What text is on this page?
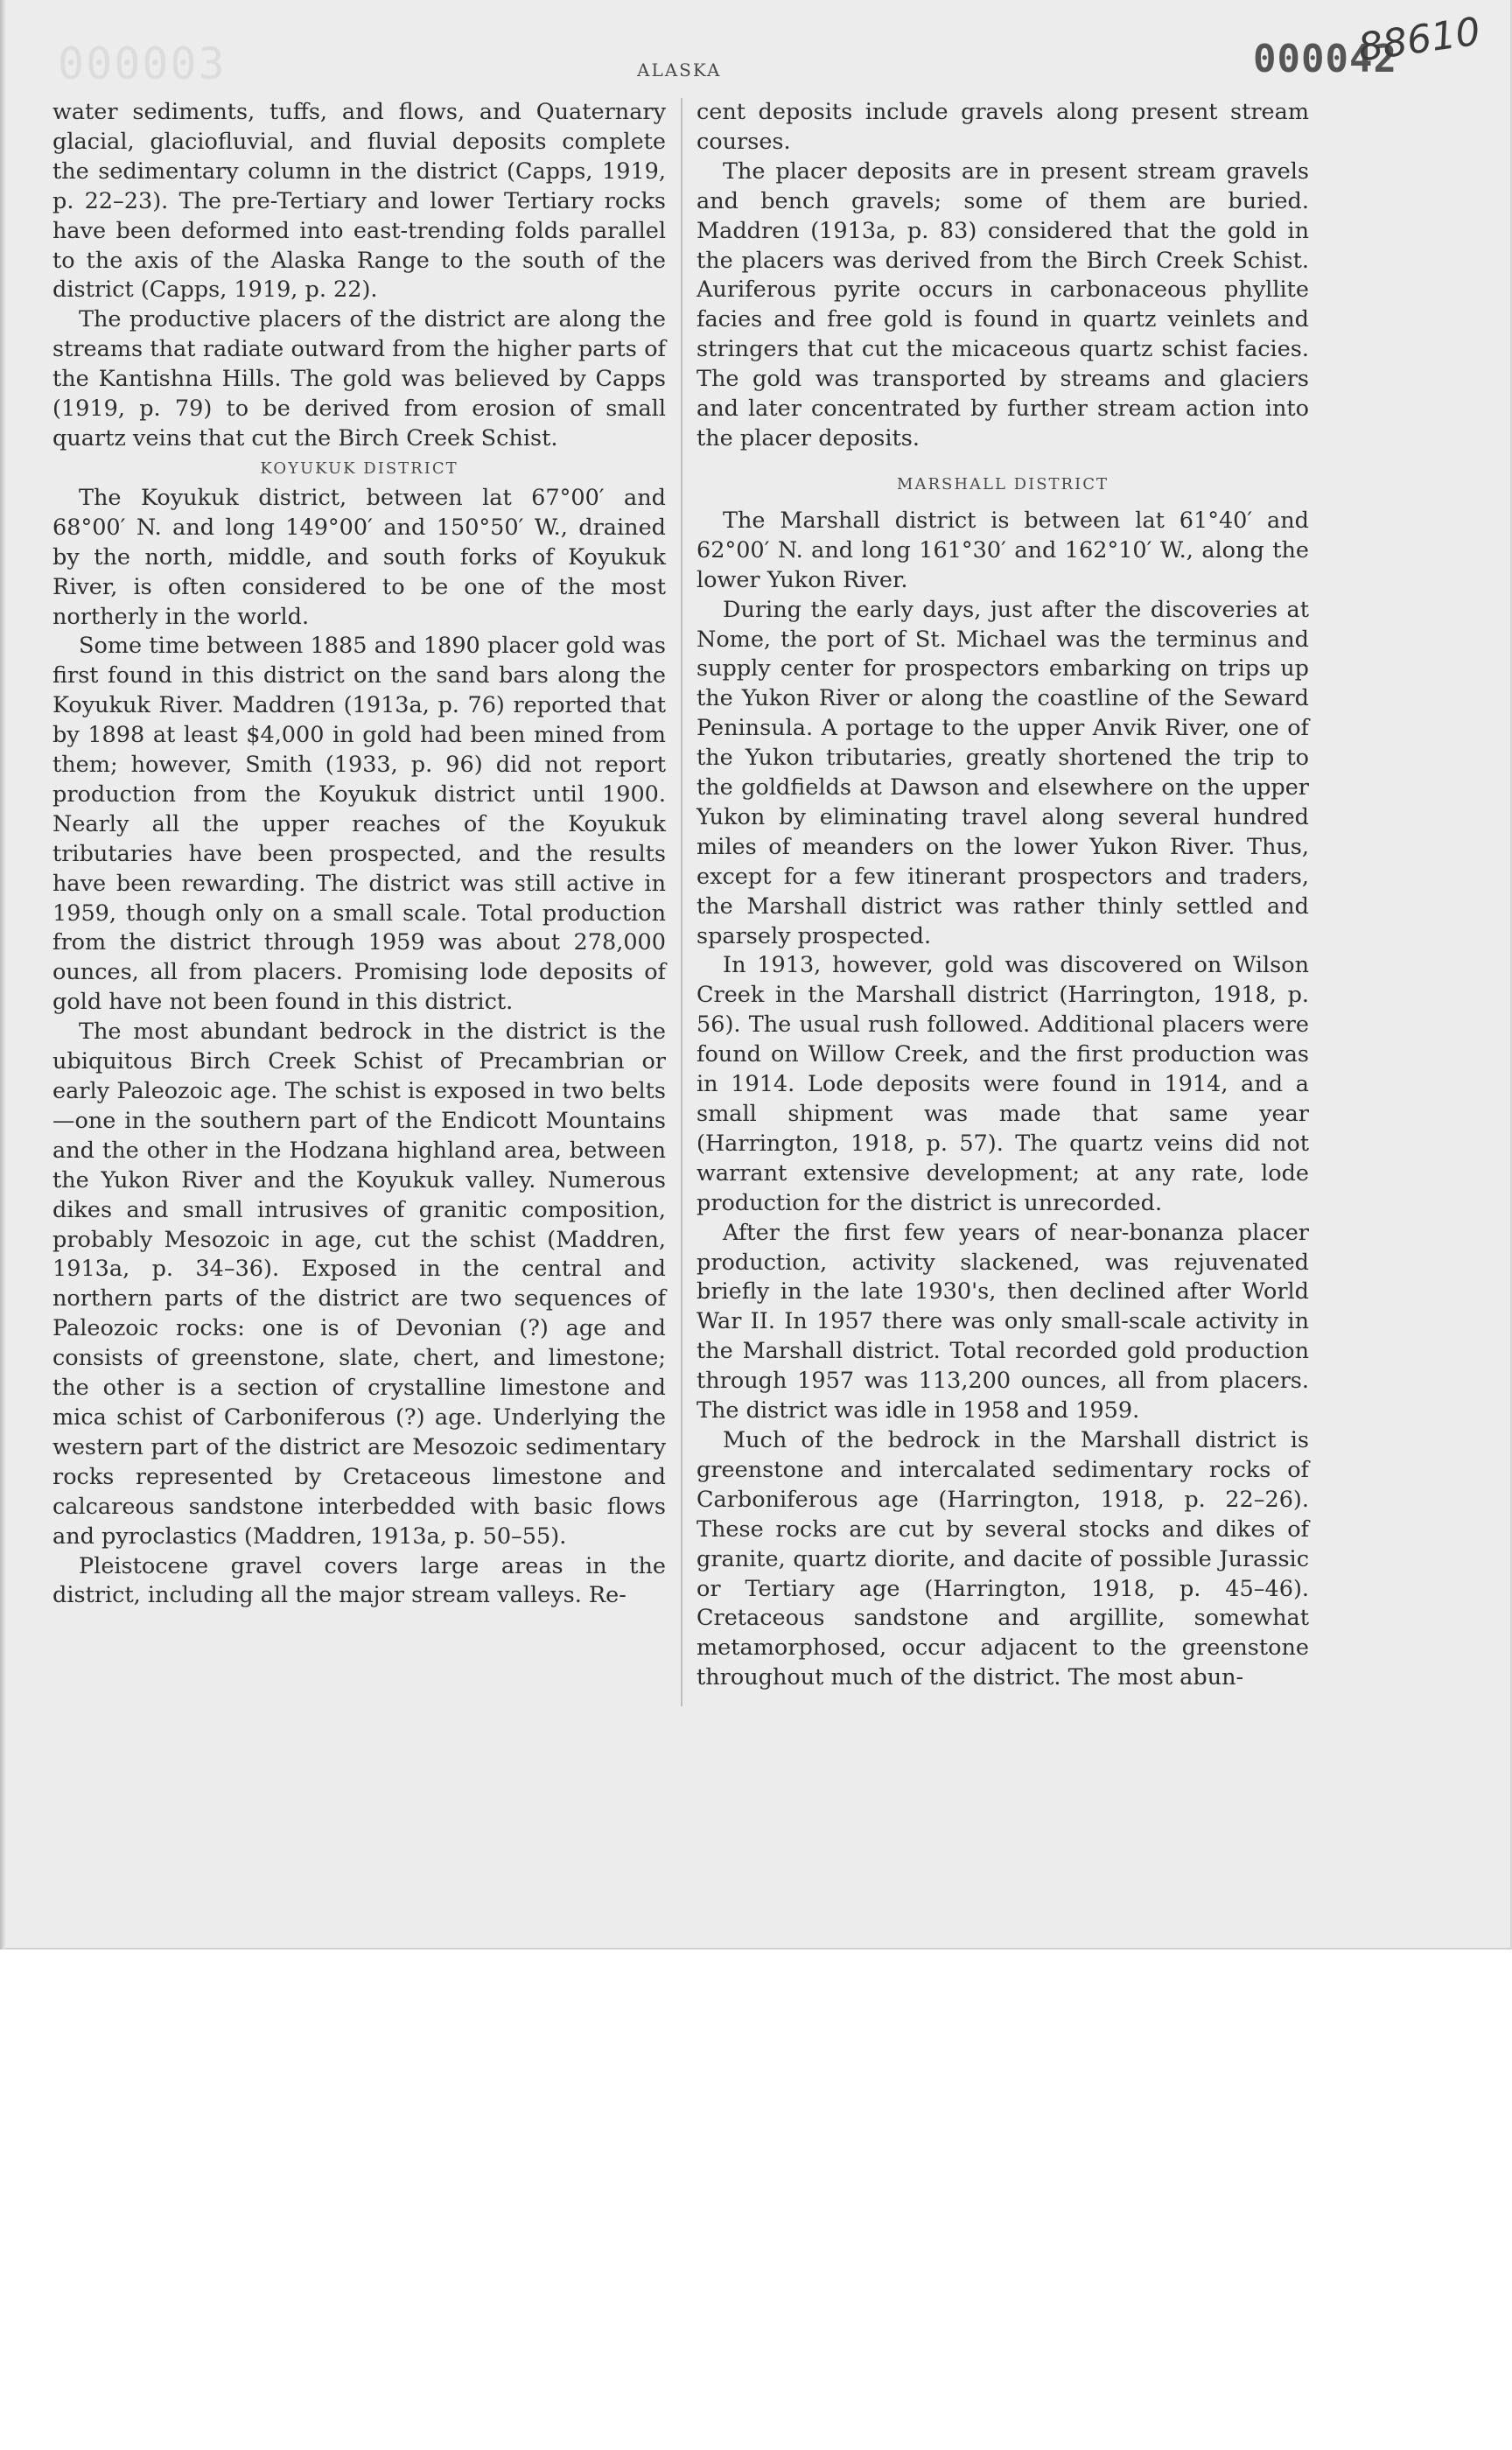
000003	ALASKA	000042
88610

water sediments, tuffs, and flows, and Quaternary glacial, glaciofluvial, and fluvial deposits complete the sedimentary column in the district (Capps, 1919, p. 22–23). The pre-Tertiary and lower Tertiary rocks have been deformed into east-trending folds parallel to the axis of the Alaska Range to the south of the district (Capps, 1919, p. 22).

The productive placers of the district are along the streams that radiate outward from the higher parts of the Kantishna Hills. The gold was believed by Capps (1919, p. 79) to be derived from erosion of small quartz veins that cut the Birch Creek Schist.

KOYUKUK DISTRICT

The Koyukuk district, between lat 67°00′ and 68°00′ N. and long 149°00′ and 150°50′ W., drained by the north, middle, and south forks of Koyukuk River, is often considered to be one of the most northerly in the world.

Some time between 1885 and 1890 placer gold was first found in this district on the sand bars along the Koyukuk River. Maddren (1913a, p. 76) reported that by 1898 at least $4,000 in gold had been mined from them; however, Smith (1933, p. 96) did not report production from the Koyukuk district until 1900. Nearly all the upper reaches of the Koyukuk tributaries have been prospected, and the results have been rewarding. The district was still active in 1959, though only on a small scale. Total production from the district through 1959 was about 278,000 ounces, all from placers. Promising lode deposits of gold have not been found in this district.

The most abundant bedrock in the district is the ubiquitous Birch Creek Schist of Precambrian or early Paleozoic age. The schist is exposed in two belts—one in the southern part of the Endicott Mountains and the other in the Hodzana highland area, between the Yukon River and the Koyukuk valley. Numerous dikes and small intrusives of granitic composition, probably Mesozoic in age, cut the schist (Maddren, 1913a, p. 34–36). Exposed in the central and northern parts of the district are two sequences of Paleozoic rocks: one is of Devonian (?) age and consists of greenstone, slate, chert, and limestone; the other is a section of crystalline limestone and mica schist of Carboniferous (?) age. Underlying the western part of the district are Mesozoic sedimentary rocks represented by Cretaceous limestone and calcareous sandstone interbedded with basic flows and pyroclastics (Maddren, 1913a, p. 50–55).

Pleistocene gravel covers large areas in the district, including all the major stream valleys. Re-

cent deposits include gravels along present stream courses.

The placer deposits are in present stream gravels and bench gravels; some of them are buried. Maddren (1913a, p. 83) considered that the gold in the placers was derived from the Birch Creek Schist. Auriferous pyrite occurs in carbonaceous phyllite facies and free gold is found in quartz veinlets and stringers that cut the micaceous quartz schist facies. The gold was transported by streams and glaciers and later concentrated by further stream action into the placer deposits.

MARSHALL DISTRICT

The Marshall district is between lat 61°40′ and 62°00′ N. and long 161°30′ and 162°10′ W., along the lower Yukon River.

During the early days, just after the discoveries at Nome, the port of St. Michael was the terminus and supply center for prospectors embarking on trips up the Yukon River or along the coastline of the Seward Peninsula. A portage to the upper Anvik River, one of the Yukon tributaries, greatly shortened the trip to the goldfields at Dawson and elsewhere on the upper Yukon by eliminating travel along several hundred miles of meanders on the lower Yukon River. Thus, except for a few itinerant prospectors and traders, the Marshall district was rather thinly settled and sparsely prospected.

In 1913, however, gold was discovered on Wilson Creek in the Marshall district (Harrington, 1918, p. 56). The usual rush followed. Additional placers were found on Willow Creek, and the first production was in 1914. Lode deposits were found in 1914, and a small shipment was made that same year (Harrington, 1918, p. 57). The quartz veins did not warrant extensive development; at any rate, lode production for the district is unrecorded.

After the first few years of near-bonanza placer production, activity slackened, was rejuvenated briefly in the late 1930's, then declined after World War II. In 1957 there was only small-scale activity in the Marshall district. Total recorded gold production through 1957 was 113,200 ounces, all from placers. The district was idle in 1958 and 1959.

Much of the bedrock in the Marshall district is greenstone and intercalated sedimentary rocks of Carboniferous age (Harrington, 1918, p. 22–26). These rocks are cut by several stocks and dikes of granite, quartz diorite, and dacite of possible Jurassic or Tertiary age (Harrington, 1918, p. 45–46). Cretaceous sandstone and argillite, somewhat metamorphosed, occur adjacent to the greenstone throughout much of the district. The most abun-
